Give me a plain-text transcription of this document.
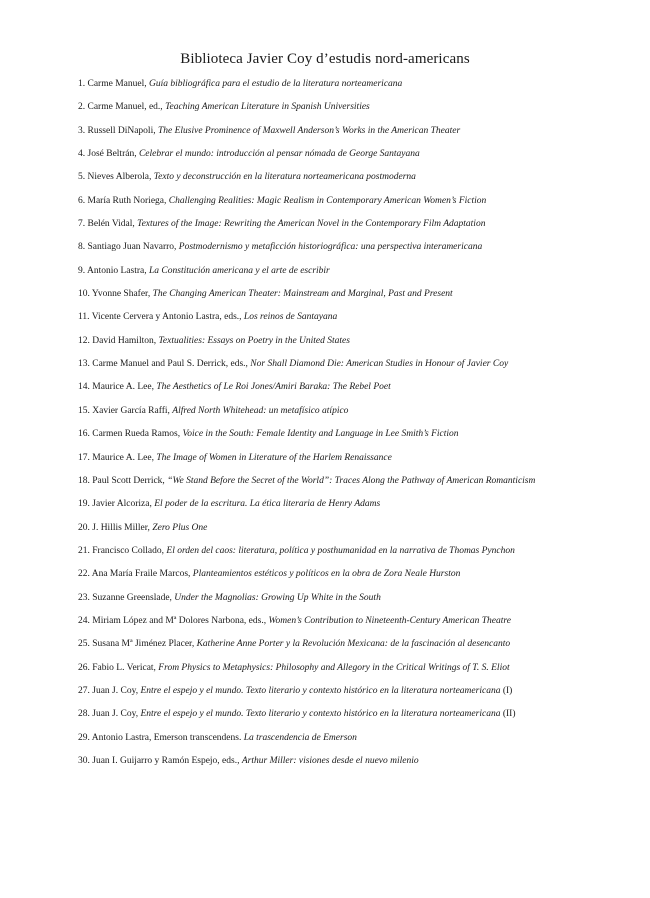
Biblioteca Javier Coy d’estudis nord-americans
1. Carme Manuel, Guía bibliográfica para el estudio de la literatura norteamericana
2. Carme Manuel, ed., Teaching American Literature in Spanish Universities
3. Russell DiNapoli, The Elusive Prominence of Maxwell Anderson’s Works in the American Theater
4. José Beltrán, Celebrar el mundo: introducción al pensar nómada de George Santayana
5. Nieves Alberola, Texto y deconstrucción en la literatura norteamericana postmoderna
6. María Ruth Noriega, Challenging Realities: Magic Realism in Contemporary American Women’s Fiction
7. Belén Vidal, Textures of the Image: Rewriting the American Novel in the Contemporary Film Adaptation
8. Santiago Juan Navarro, Postmodernismo y metaficción historiográfica: una perspectiva interamericana
9. Antonio Lastra, La Constitución americana y el arte de escribir
10. Yvonne Shafer, The Changing American Theater: Mainstream and Marginal, Past and Present
11. Vicente Cervera y Antonio Lastra, eds., Los reinos de Santayana
12. David Hamilton, Textualities: Essays on Poetry in the United States
13. Carme Manuel and Paul S. Derrick, eds., Nor Shall Diamond Die: American Studies in Honour of Javier Coy
14. Maurice A. Lee, The Aesthetics of Le Roi Jones/Amiri Baraka: The Rebel Poet
15. Xavier García Raffi, Alfred North Whitehead: un metafísico atípico
16. Carmen Rueda Ramos, Voice in the South: Female Identity and Language in Lee Smith’s Fiction
17. Maurice A. Lee, The Image of Women in Literature of the Harlem Renaissance
18. Paul Scott Derrick, “We Stand Before the Secret of the World”: Traces Along the Pathway of American Romanticism
19. Javier Alcoriza, El poder de la escritura. La ética literaria de Henry Adams
20. J. Hillis Miller, Zero Plus One
21. Francisco Collado, El orden del caos: literatura, política y posthumanidad en la narrativa de Thomas Pynchon
22. Ana María Fraile Marcos, Planteamientos estéticos y políticos en la obra de Zora Neale Hurston
23. Suzanne Greenslade, Under the Magnolias: Growing Up White in the South
24. Miriam López and Mª Dolores Narbona, eds., Women’s Contribution to Nineteenth-Century American Theatre
25. Susana Mª Jiménez Placer, Katherine Anne Porter y la Revolución Mexicana: de la fascinación al desencanto
26. Fabio L. Vericat, From Physics to Metaphysics: Philosophy and Allegory in the Critical Writings of T. S. Eliot
27. Juan J. Coy, Entre el espejo y el mundo. Texto literario y contexto histórico en la literatura norteamericana (I)
28. Juan J. Coy, Entre el espejo y el mundo. Texto literario y contexto histórico en la literatura norteamericana (II)
29. Antonio Lastra, Emerson transcendens. La trascendencia de Emerson
30. Juan I. Guijarro y Ramón Espejo, eds., Arthur Miller: visiones desde el nuevo milenio
